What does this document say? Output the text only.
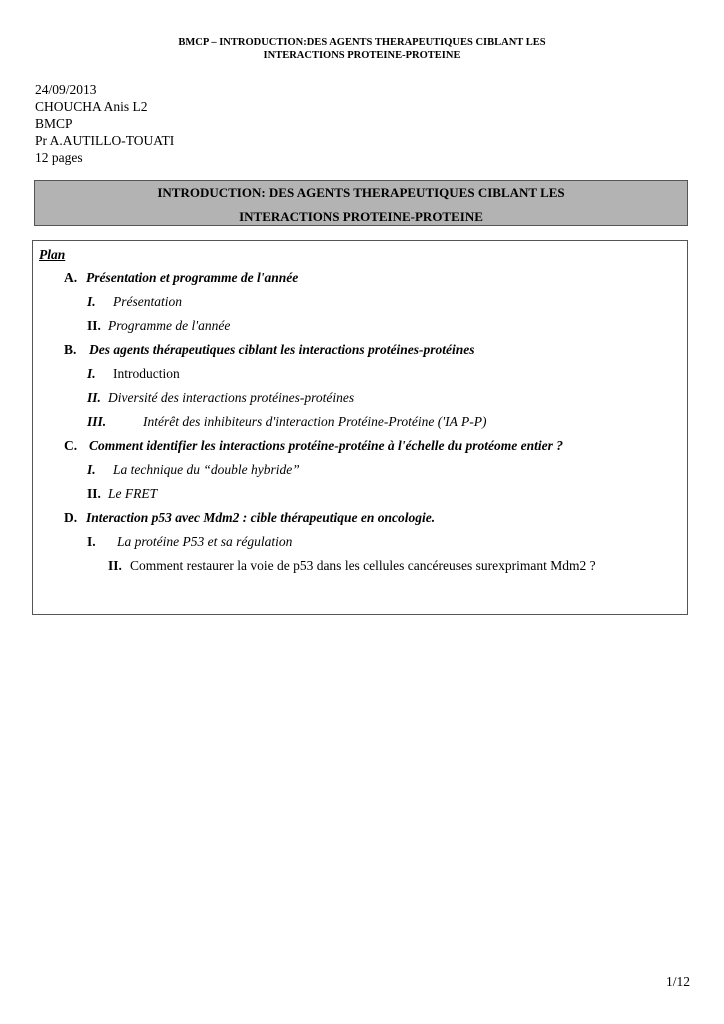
BMCP – INTRODUCTION:DES AGENTS THERAPEUTIQUES CIBLANT LES
INTERACTIONS PROTEINE-PROTEINE
24/09/2013
CHOUCHA Anis L2
BMCP
Pr A.AUTILLO-TOUATI
12 pages
INTRODUCTION: DES AGENTS THERAPEUTIQUES CIBLANT LES
INTERACTIONS PROTEINE-PROTEINE
Plan
A. Présentation et programme de l'année
I. Présentation
II. Programme de l'année
B. Des agents thérapeutiques ciblant les interactions protéines-protéines
I. Introduction
II. Diversité des interactions protéines-protéines
III.	Intérêt des inhibiteurs d'interaction Protéine-Protéine ('IA P-P)
C. Comment identifier les interactions protéine-protéine à l'échelle du protéome entier ?
I. La technique du “double hybride”
II. Le FRET
D. Interaction p53 avec Mdm2 : cible thérapeutique en oncologie.
I. La protéine P53 et sa régulation
II. Comment restaurer la voie de p53 dans les cellules cancéreuses surexprimant Mdm2 ?
1/12
